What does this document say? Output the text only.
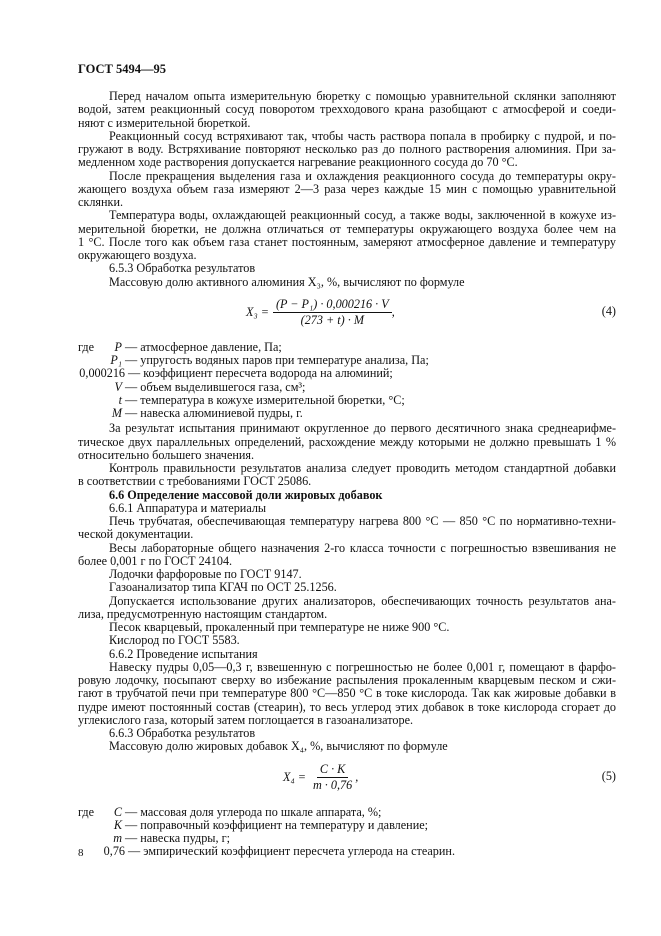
ГОСТ 5494—95
Перед началом опыта измерительную бюретку с помощью уравнительной склянки заполняют
водой, затем реакционный сосуд поворотом трехходового крана разобщают с атмосферой и соеди-
няют с измерительной бюреткой.
Реакционный сосуд встряхивают так, чтобы часть раствора попала в пробирку с пудрой, и по-
гружают в воду. Встряхивание повторяют несколько раз до полного растворения алюминия. При за-
медленном ходе растворения допускается нагревание реакционного сосуда до 70 °С.
После прекращения выделения газа и охлаждения реакционного сосуда до температуры окру-
жающего воздуха объем газа измеряют 2—3 раза через каждые 15 мин с помощью уравнительной
склянки.
Температура воды, охлаждающей реакционный сосуд, а также воды, заключенной в кожухе из-
мерительной бюретки, не должна отличаться от температуры окружающего воздуха более чем на
1 °С. После того как объем газа станет постоянным, замеряют атмосферное давление и температуру
окружающего воздуха.
6.5.3 Обработка результатов
Массовую долю активного алюминия X₃, %, вычисляют по формуле
$X_3 = \frac{\text{(P − P₁) · 0,000216 · V}}{(273 + t) \cdot M}$ ,	(4)
где	P — атмосферное давление, Па;
P₁ — упругость водяных паров при температуре анализа, Па;
0,000216 — коэффициент пересчета водорода на алюминий;
V — объем выделившегося газа, см³;
t — температура в кожухе измерительной бюретки, °С;
M — навеска алюминиевой пудры, г.
За результат испытания принимают округленное до первого десятичного знака среднеарифме-
тическое двух параллельных определений, расхождение между которыми не должно превышать 1 %
относительно большего значения.
Контроль правильности результатов анализа следует проводить методом стандартной добавки
в соответствии с требованиями ГОСТ 25086.
6.6 Определение массовой доли жировых добавок
6.6.1 Аппаратура и материалы
Печь трубчатая, обеспечивающая температуру нагрева 800 °С — 850 °С по нормативно-техни-
ческой документации.
Весы лабораторные общего назначения 2-го класса точности с погрешностью взвешивания не
более 0,001 г по ГОСТ 24104.
Лодочки фарфоровые по ГОСТ 9147.
Газоанализатор типа КГАЧ по ОСТ 25.1256.
Допускается использование других анализаторов, обеспечивающих точность результатов ана-
лиза, предусмотренную настоящим стандартом.
Песок кварцевый, прокаленный при температуре не ниже 900 °С.
Кислород по ГОСТ 5583.
6.6.2 Проведение испытания
Навеску пудры 0,05—0,3 г, взвешенную с погрешностью не более 0,001 г, помещают в фарфо-
ровую лодочку, посыпают сверху во избежание распыления прокаленным кварцевым песком и сжи-
гают в трубчатой печи при температуре 800 °С—850 °С в токе кислорода. Так как жировые добавки в
пудре имеют постоянный состав (стеарин), то весь углерод этих добавок в токе кислорода сгорает до
углекислого газа, который затем поглощается в газоанализаторе.
6.6.3 Обработка результатов
Массовую долю жировых добавок X₄, %, вычисляют по формуле
$X_4 = \frac{C \cdot K}{m \cdot 0,76}$ ,	(5)
где	C — массовая доля углерода по шкале аппарата, %;
K — поправочный коэффициент на температуру и давление;
m — навеска пудры, г;
0,76 — эмпирический коэффициент пересчета углерода на стеарин.
8
